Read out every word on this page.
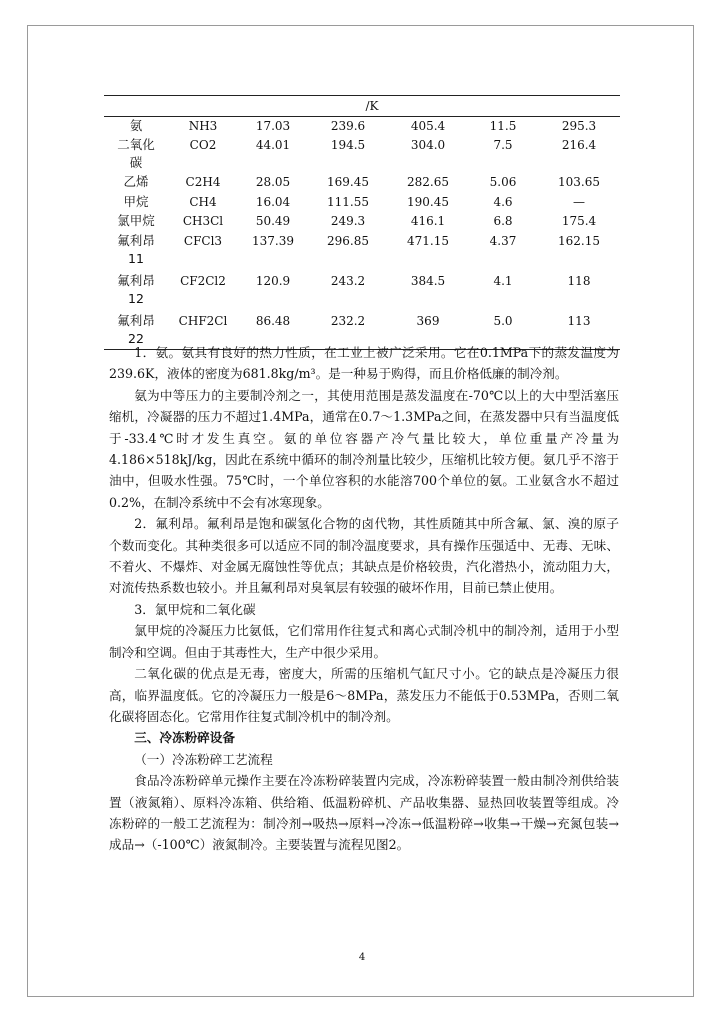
/K
氨	NH3	17.03	239.6	405.4	11.5	295.3
二氧化
碳	CO2	44.01	194.5	304.0	7.5	216.4
乙烯	C2H4	28.05	169.45	282.65	5.06	103.65
甲烷	CH4	16.04	111.55	190.45	4.6	—
氯甲烷	CH3Cl	50.49	249.3	416.1	6.8	175.4
氟利昂
11	CFCl3	137.39	296.85	471.15	4.37	162.15
氟利昂
12	CF2Cl2	120.9	243.2	384.5	4.1	118
氟利昂
22	CHF2Cl	86.48	232.2	369	5.0	113

1．氨。氨具有良好的热力性质，在工业上被广泛采用。它在0.1MPa下的蒸发温度为239.6K，液体的密度为681.8kg/m³。是一种易于购得，而且价格低廉的制冷剂。

氨为中等压力的主要制冷剂之一，其使用范围是蒸发温度在-70℃以上的大中型活塞压缩机，冷凝器的压力不超过1.4MPa，通常在0.7～1.3MPa之间，在蒸发器中只有当温度低于-33.4℃时才发生真空。氨的单位容器产冷气量比较大，单位重量产冷量为4.186×518kJ/kg，因此在系统中循环的制冷剂量比较少，压缩机比较方便。氨几乎不溶于油中，但吸水性强。75℃时，一个单位容积的水能溶700个单位的氨。工业氨含水不超过0.2%，在制冷系统中不会有冰寒现象。

2．氟利昂。氟利昂是饱和碳氢化合物的卤代物，其性质随其中所含氟、氯、溴的原子个数而变化。其种类很多可以适应不同的制冷温度要求，具有操作压强适中、无毒、无味、不着火、不爆炸、对金属无腐蚀性等优点；其缺点是价格较贵，汽化潜热小，流动阻力大，对流传热系数也较小。并且氟利昂对臭氧层有较强的破坏作用，目前已禁止使用。

3．氯甲烷和二氧化碳

氯甲烷的冷凝压力比氨低，它们常用作往复式和离心式制冷机中的制冷剂，适用于小型制冷和空调。但由于其毒性大，生产中很少采用。

二氧化碳的优点是无毒，密度大，所需的压缩机气缸尺寸小。它的缺点是冷凝压力很高，临界温度低。它的冷凝压力一般是6～8MPa，蒸发压力不能低于0.53MPa，否则二氧化碳将固态化。它常用作往复式制冷机中的制冷剂。

三、冷冻粉碎设备

（一）冷冻粉碎工艺流程

食品冷冻粉碎单元操作主要在冷冻粉碎装置内完成，冷冻粉碎装置一般由制冷剂供给装置（液氮箱）、原料冷冻箱、供给箱、低温粉碎机、产品收集器、显热回收装置等组成。冷冻粉碎的一般工艺流程为：制冷剂→吸热→原料→冷冻→低温粉碎→收集→干燥→充氮包装→成品→（-100℃）液氮制冷。主要装置与流程见图2。

4
